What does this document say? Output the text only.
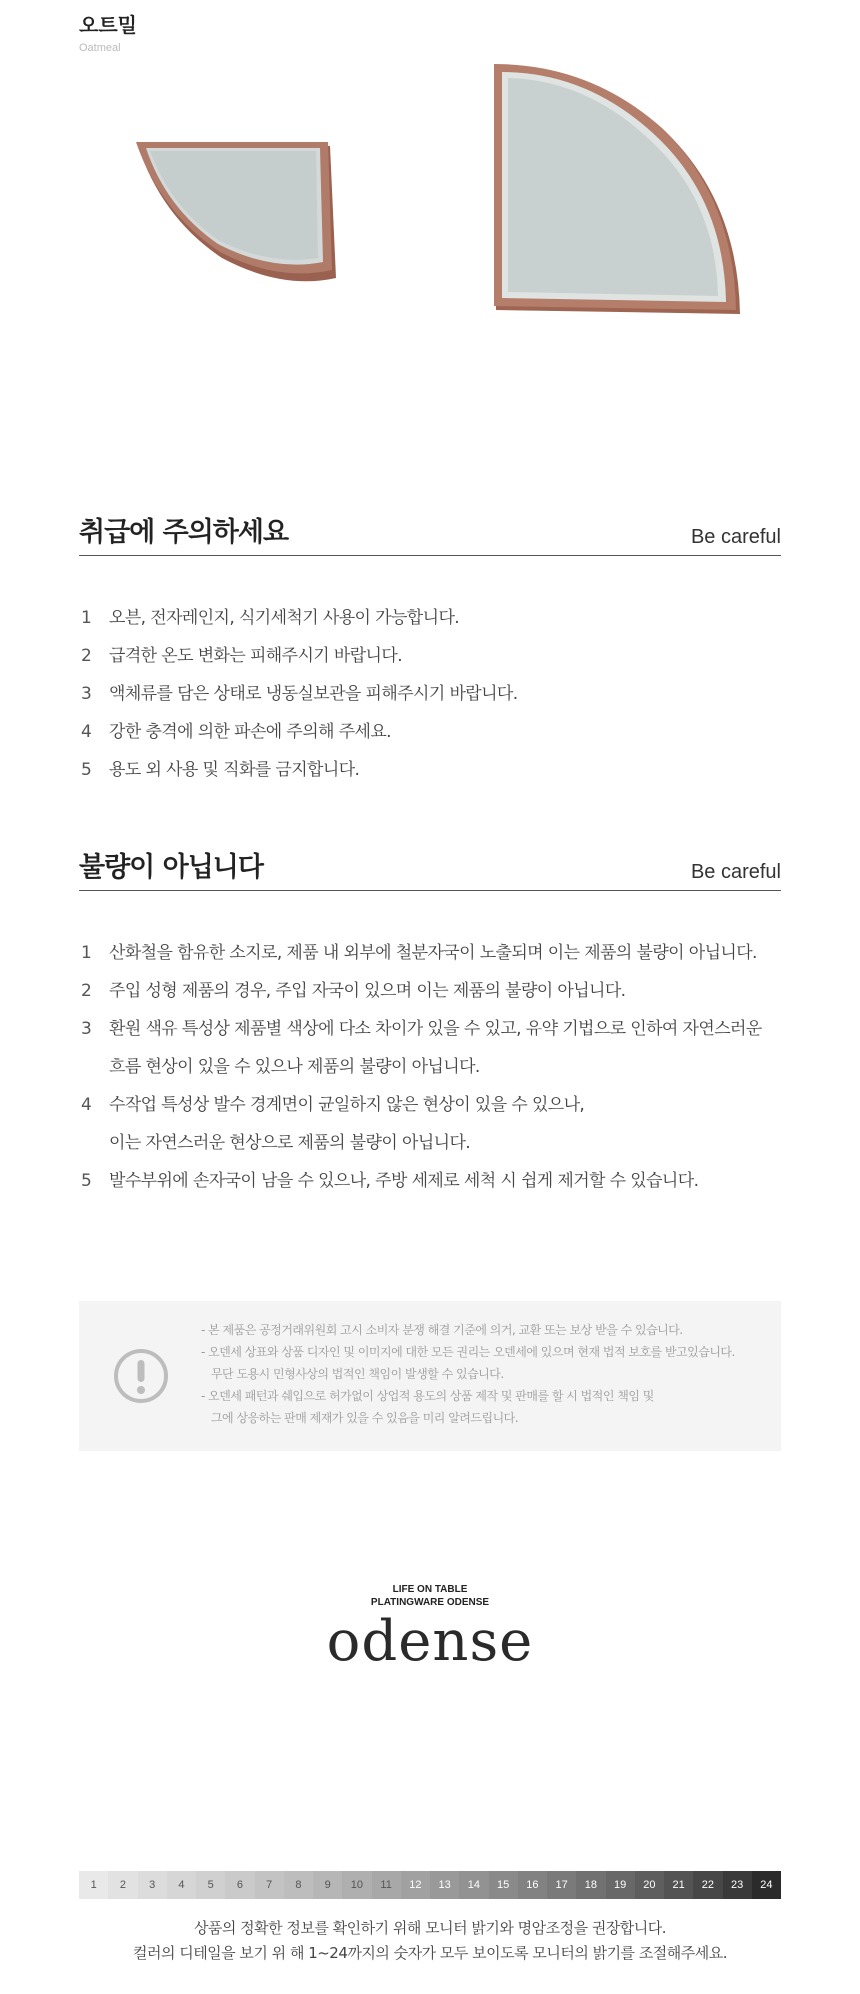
오트밀
Oatmeal
취급에 주의하세요	Be careful
1 오븐, 전자레인지, 식기세척기 사용이 가능합니다.
2 급격한 온도 변화는 피해주시기 바랍니다.
3 액체류를 담은 상태로 냉동실보관을 피해주시기 바랍니다.
4 강한 충격에 의한 파손에 주의해 주세요.
5 용도 외 사용 및 직화를 금지합니다.
불량이 아닙니다	Be careful
1 산화철을 함유한 소지로, 제품 내 외부에 철분자국이 노출되며 이는 제품의 불량이 아닙니다.
2 주입 성형 제품의 경우, 주입 자국이 있으며 이는 제품의 불량이 아닙니다.
3 환원 색유 특성상 제품별 색상에 다소 차이가 있을 수 있고, 유약 기법으로 인하여 자연스러운
흐름 현상이 있을 수 있으나 제품의 불량이 아닙니다.
4 수작업 특성상 발수 경계면이 균일하지 않은 현상이 있을 수 있으나,
이는 자연스러운 현상으로 제품의 불량이 아닙니다.
5 발수부위에 손자국이 남을 수 있으나, 주방 세제로 세척 시 쉽게 제거할 수 있습니다.
- 본 제품은 공정거래위원회 고시 소비자 분쟁 해결 기준에 의거, 교환 또는 보상 받을 수 있습니다.
- 오덴세 상표와 상품 디자인 및 이미지에 대한 모든 권리는 오덴세에 있으며 현재 법적 보호를 받고있습니다.
무단 도용시 민형사상의 법적인 책임이 발생할 수 있습니다.
- 오덴세 패턴과 쉐입으로 허가없이 상업적 용도의 상품 제작 및 판매를 할 시 법적인 책임 및
그에 상응하는 판매 제재가 있을 수 있음을 미리 알려드립니다.
LIFE ON TABLE
PLATINGWARE ODENSE
odense
1	2	3	4	5	6	7	8	9	10	11	12	13	14	15	16	17	18	19	20	21	22	23	24
상품의 정확한 정보를 확인하기 위해 모니터 밝기와 명암조정을 권장합니다.
컬러의 디테일을 보기 위 해 1~24까지의 숫자가 모두 보이도록 모니터의 밝기를 조절해주세요.
